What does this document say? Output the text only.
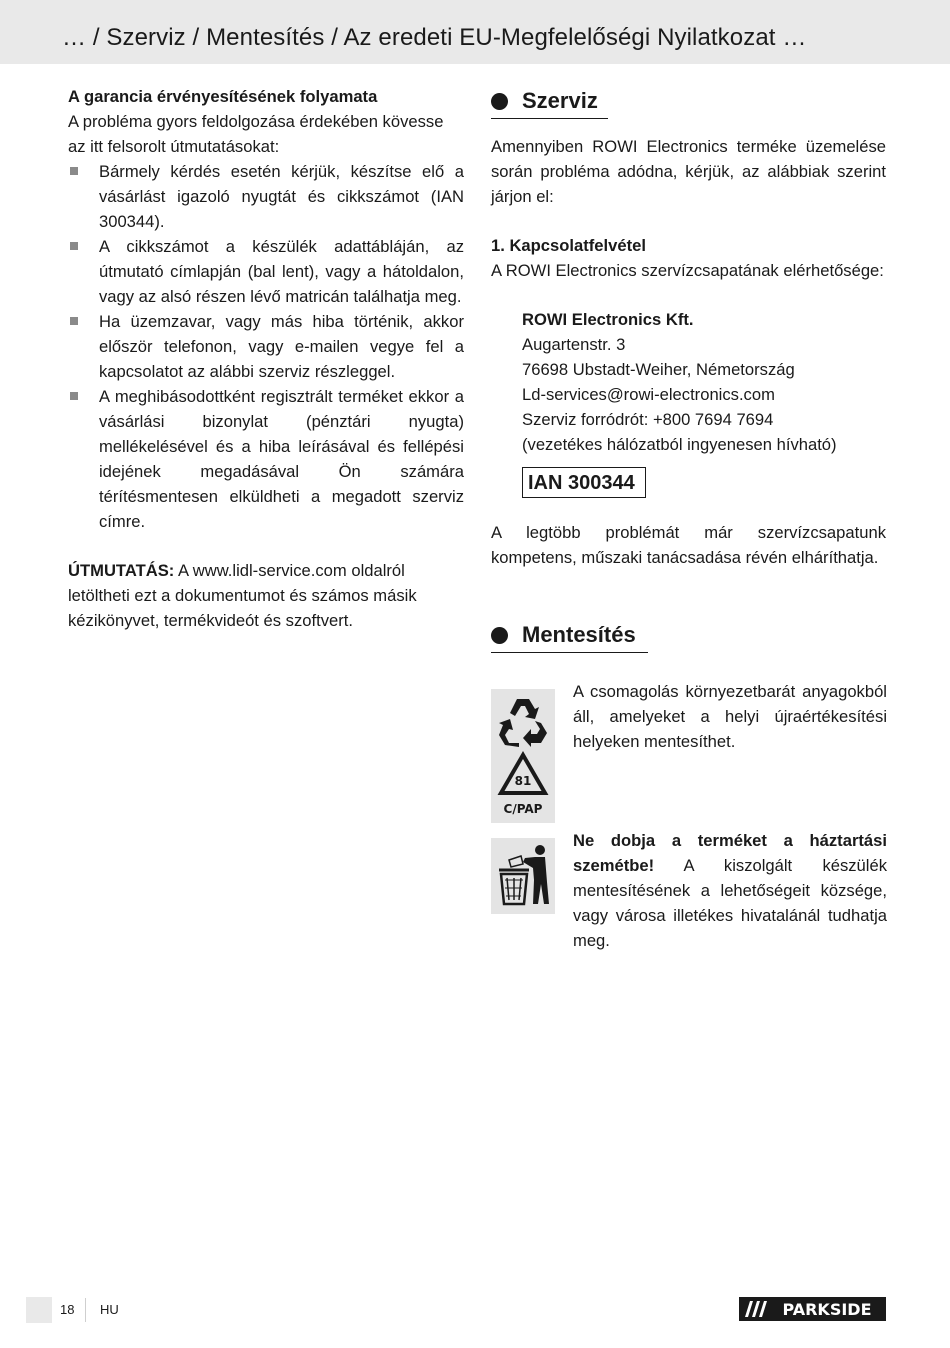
… / Szerviz / Mentesítés / Az eredeti EU-Megfelelőségi Nyilatkozat …

A garancia érvényesítésének folyamata

A probléma gyors feldolgozása érdekében kövesse az itt felsorolt útmutatásokat:

Bármely kérdés esetén kérjük, készítse elő a vásárlást igazoló nyugtát és cikkszámot (IAN 300344).
A cikkszámot a készülék adattábláján, az útmutató címlapján (bal lent), vagy a hátoldalon, vagy az alsó részen lévő matricán találhatja meg.
Ha üzemzavar, vagy más hiba történik, akkor először telefonon, vagy e-mailen vegye fel a kapcsolatot az alábbi szerviz részleggel.
A meghibásodottként regisztrált terméket ekkor a vásárlási bizonylat (pénztári nyugta) mellékelésével és a hiba leírásával és fellépési idejének megadásával Ön számára térítésmentesen elküldheti a megadott szerviz címre.

ÚTMUTATÁS: A www.lidl-service.com oldalról letöltheti ezt a dokumentumot és számos másik kézikönyvet, termékvideót és szoftvert.

Szerviz

Amennyiben ROWI Electronics terméke üzemelése során probléma adódna, kérjük, az alábbiak szerint járjon el:

1. Kapcsolatfelvétel

A ROWI Electronics szervízcsapatának elérhetősége:

ROWI Electronics Kft.

Augartenstr. 3

76698 Ubstadt-Weiher, Németország

Ld-services@rowi-electronics.com

Szerviz forródrót: +800 7694 7694

(vezetékes hálózatból ingyenesen hívható)

IAN 300344

A legtöbb problémát már szervízcsapatunk kompetens, műszaki tanácsadása révén elháríthatja.

Mentesítés
81
C/PAP

A csomagolás környezetbarát anyagokból áll, amelyeket a helyi újraértékesítési helyeken mentesíthet.

Ne dobja a terméket a háztartási szemétbe! A kiszolgált készülék mentesítésének a lehetőségeit községe, vagy városa illetékes hivatalánál tudhatja meg.

18 HU	PARKSIDE
